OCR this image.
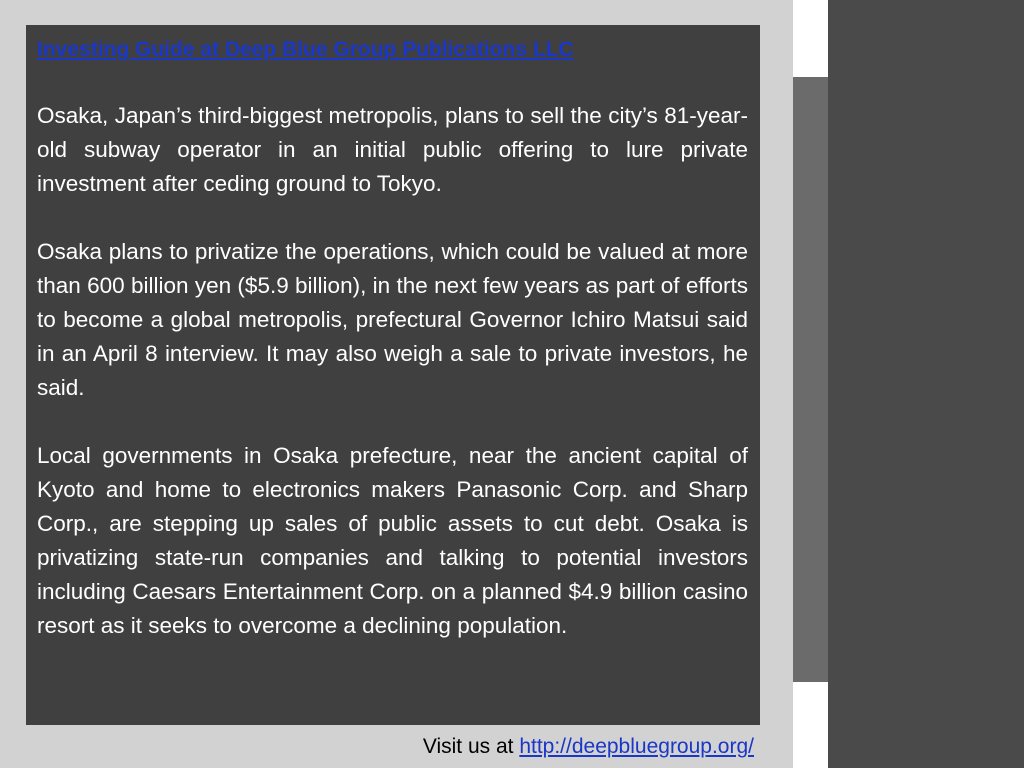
Investing Guide at Deep Blue Group Publications LLC

Osaka, Japan’s third-biggest metropolis, plans to sell the city’s 81-year-old subway operator in an initial public offering to lure private investment after ceding ground to Tokyo.

Osaka plans to privatize the operations, which could be valued at more than 600 billion yen ($5.9 billion), in the next few years as part of efforts to become a global metropolis, prefectural Governor Ichiro Matsui said in an April 8 interview. It may also weigh a sale to private investors, he said.

Local governments in Osaka prefecture, near the ancient capital of Kyoto and home to electronics makers Panasonic Corp. and Sharp Corp., are stepping up sales of public assets to cut debt. Osaka is privatizing state-run companies and talking to potential investors including Caesars Entertainment Corp. on a planned $4.9 billion casino resort as it seeks to overcome a declining population.

Visit us at http://deepbluegroup.org/
